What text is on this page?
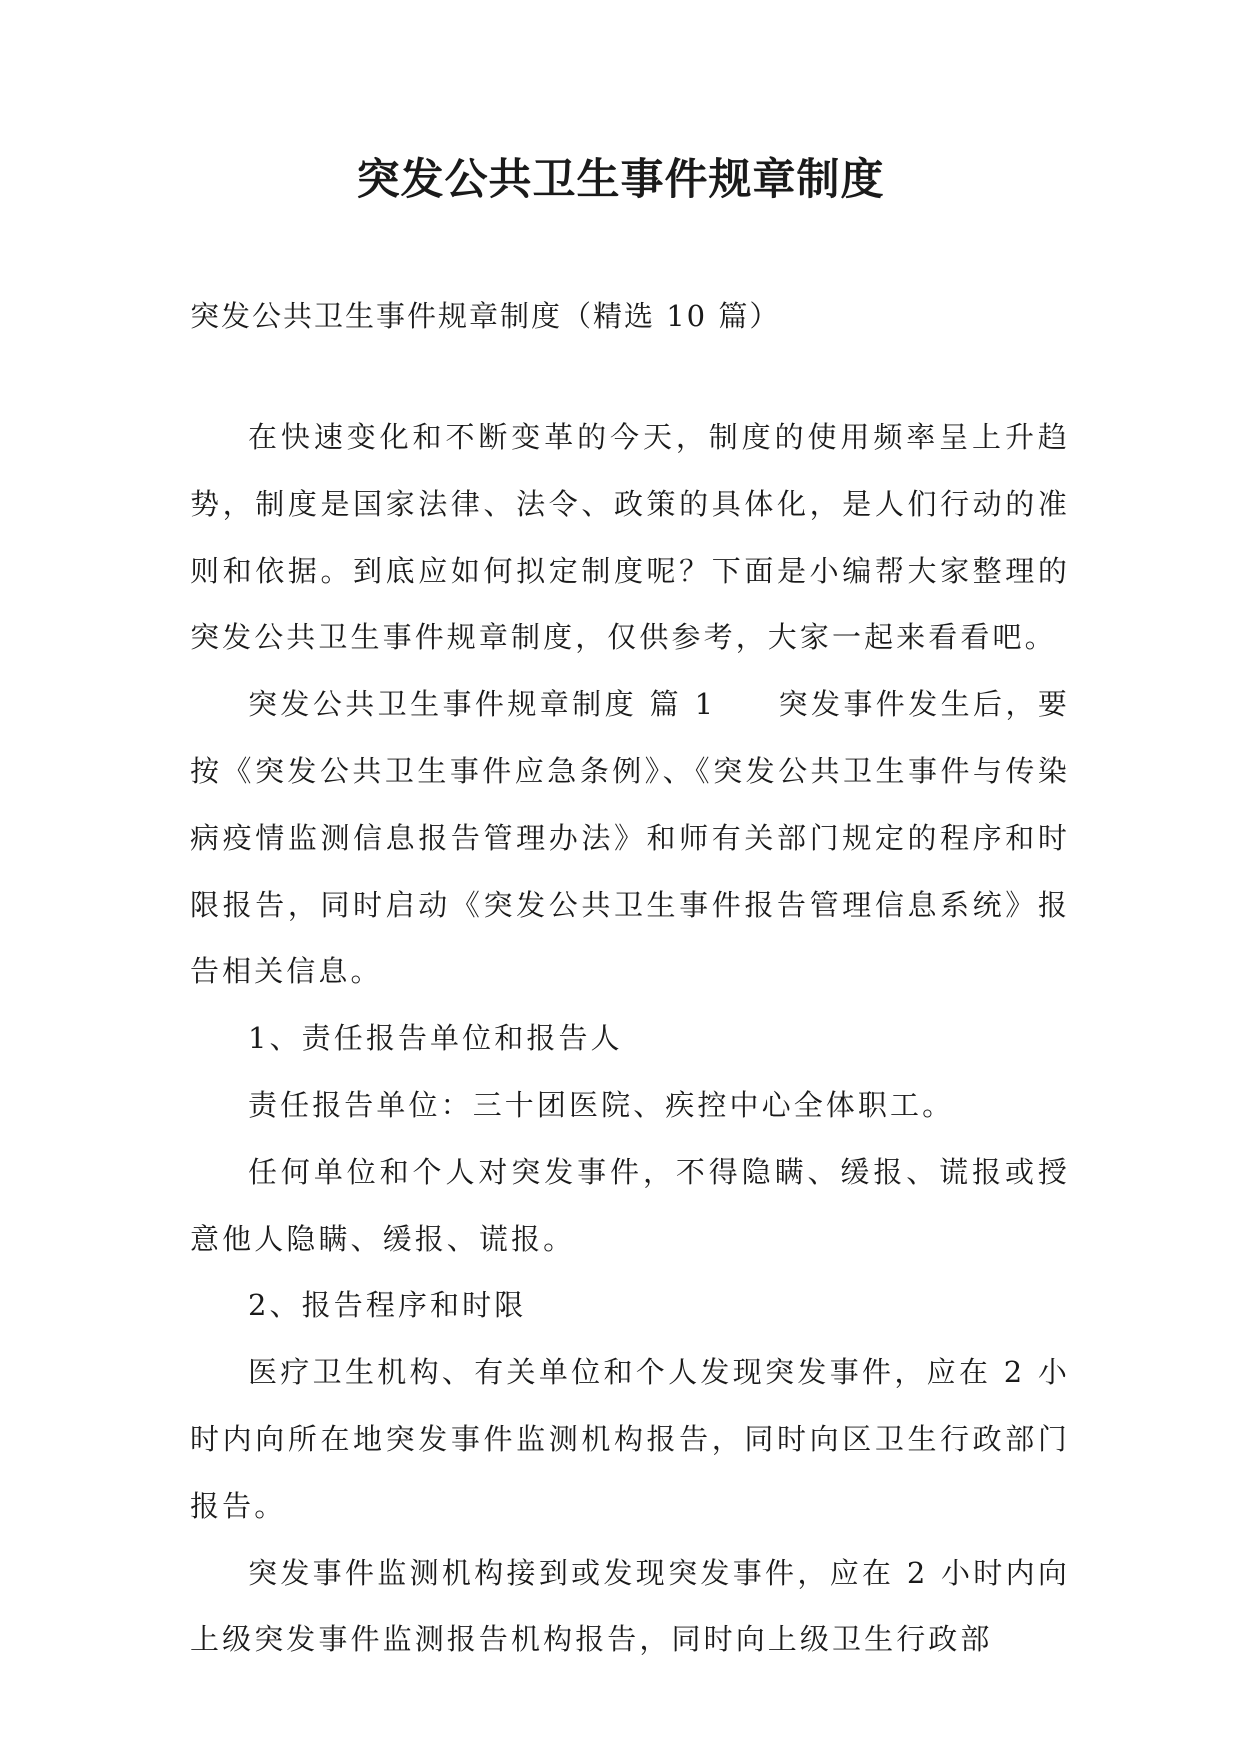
突发公共卫生事件规章制度
突发公共卫生事件规章制度（精选 10 篇）

在快速变化和不断变革的今天，制度的使用频率呈上升趋势，制度是国家法律、法令、政策的具体化，是人们行动的准则和依据。到底应如何拟定制度呢？下面是小编帮大家整理的突发公共卫生事件规章制度，仅供参考，大家一起来看看吧。

突发公共卫生事件规章制度 篇 1 突发事件发生后，要按《突发公共卫生事件应急条例》、《突发公共卫生事件与传染病疫情监测信息报告管理办法》和师有关部门规定的程序和时限报告，同时启动《突发公共卫生事件报告管理信息系统》报告相关信息。

1、责任报告单位和报告人

责任报告单位：三十团医院、疾控中心全体职工。

任何单位和个人对突发事件，不得隐瞒、缓报、谎报或授意他人隐瞒、缓报、谎报。

2、报告程序和时限

医疗卫生机构、有关单位和个人发现突发事件，应在 2 小时内向所在地突发事件监测机构报告，同时向区卫生行政部门报告。

突发事件监测机构接到或发现突发事件，应在 2 小时内向上级突发事件监测报告机构报告，同时向上级卫生行政部
